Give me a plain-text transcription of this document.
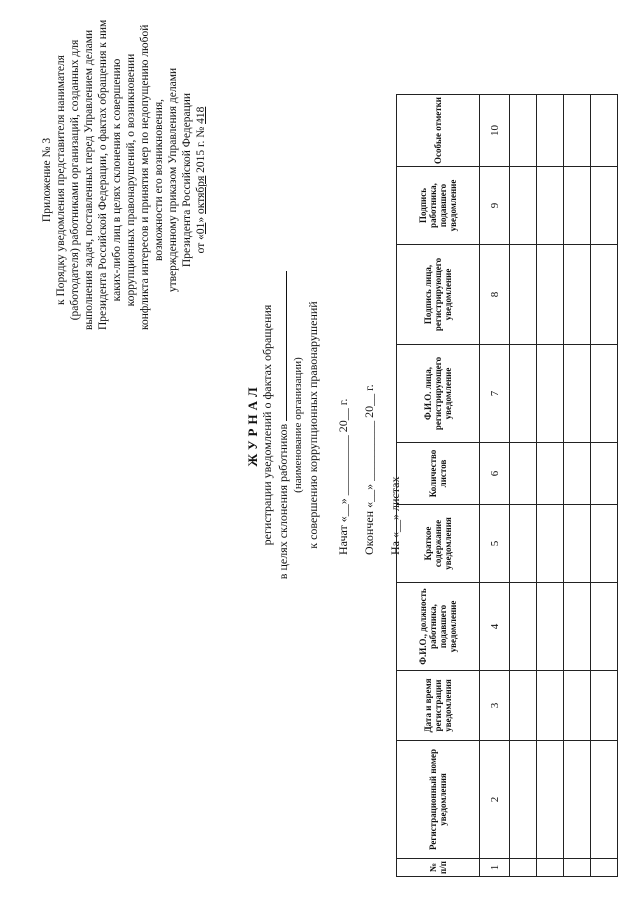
Приложение № 3 к Порядку уведомления представителя нанимателя (работодателя) работниками организаций, созданных для выполнения задач, поставленных перед Управлением делами Президента Российской Федерации, о фактах обращения к ним каких-либо лиц в целях склонения к совершению коррупционных правонарушений, о возникновении конфликта интересов и принятия мер по недопущению любой возможности его возникновения, утвержденному приказом Управления делами Президента Российской Федерации от «01» октября 2015 г. № 418
ЖУРНАЛ регистрации уведомлений о фактах обращения в целях склонения работников (наименование организации) к совершению коррупционных правонарушений	Начат «__» __________ 20__ г.	Окончен «__» __________ 20__ г.	На «__» листах
№ п/п	Регистрационный номер уведомления	Дата и время регистрации уведомления	Ф.И.О., должность работника, подавшего уведомление	Краткое содержание уведомления	Количество листов	Ф.И.О. лица, регистрирующего уведомление	Подпись лица, регистрирующего уведомление	Подпись работника, подавшего уведомление	Особые отметки
1	2	3	4	5	6	7	8	9	10
